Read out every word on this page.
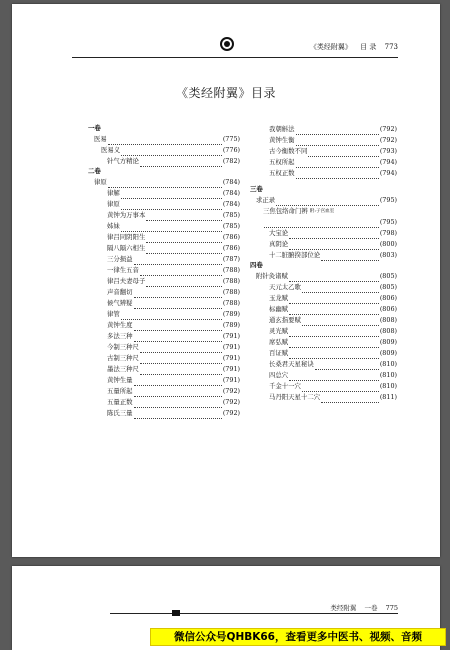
《类经附翼》 目 录 773
《类经附翼》目录
一卷
医易	(775)
医易义	(776)
针气方精论	(782)
二卷
律原	(784)
律解	(784)
律原	(784)
黄钟为万事本	(785)
姊妹	(785)
律吕同阴阳生	(786)
隔八隔六相生	(786)
三分损益	(787)
一律生五音	(788)
律吕夫妻母子	(788)
声音翻切	(788)
候气辨疑	(788)
律管	(789)
黄钟生度	(789)
多法三种	(791)
今制三种尺	(791)
古制三种尺	(791)
墨法三种尺	(791)
黄钟生量	(791)
五量所起	(792)
五量正数	(792)
陈氏三量	(792)
我朝斛法	(792)
黄钟生衡	(792)
古今衡数不同	(793)
五权所起	(794)
五权正数	(794)
三卷
求正录	(795)
三焦包络命门辨 附:子宫血室
(795)
大宝论	(798)
真阴论	(800)
十二脏腑揆部位论	(803)
四卷
附针灸诸赋	(805)
天元太乙歌	(805)
玉龙赋	(806)
标幽赋	(806)
通玄指要赋	(808)
灵光赋	(808)
席弘赋	(809)
百证赋	(809)
长桑君天星秘诀	(810)
四总穴	(810)
千金十一穴	(810)
马丹阳天星十二穴	(811)
类经附翼 一卷 775
微信公众号QHBK66，查看更多中医书、视频、音频
